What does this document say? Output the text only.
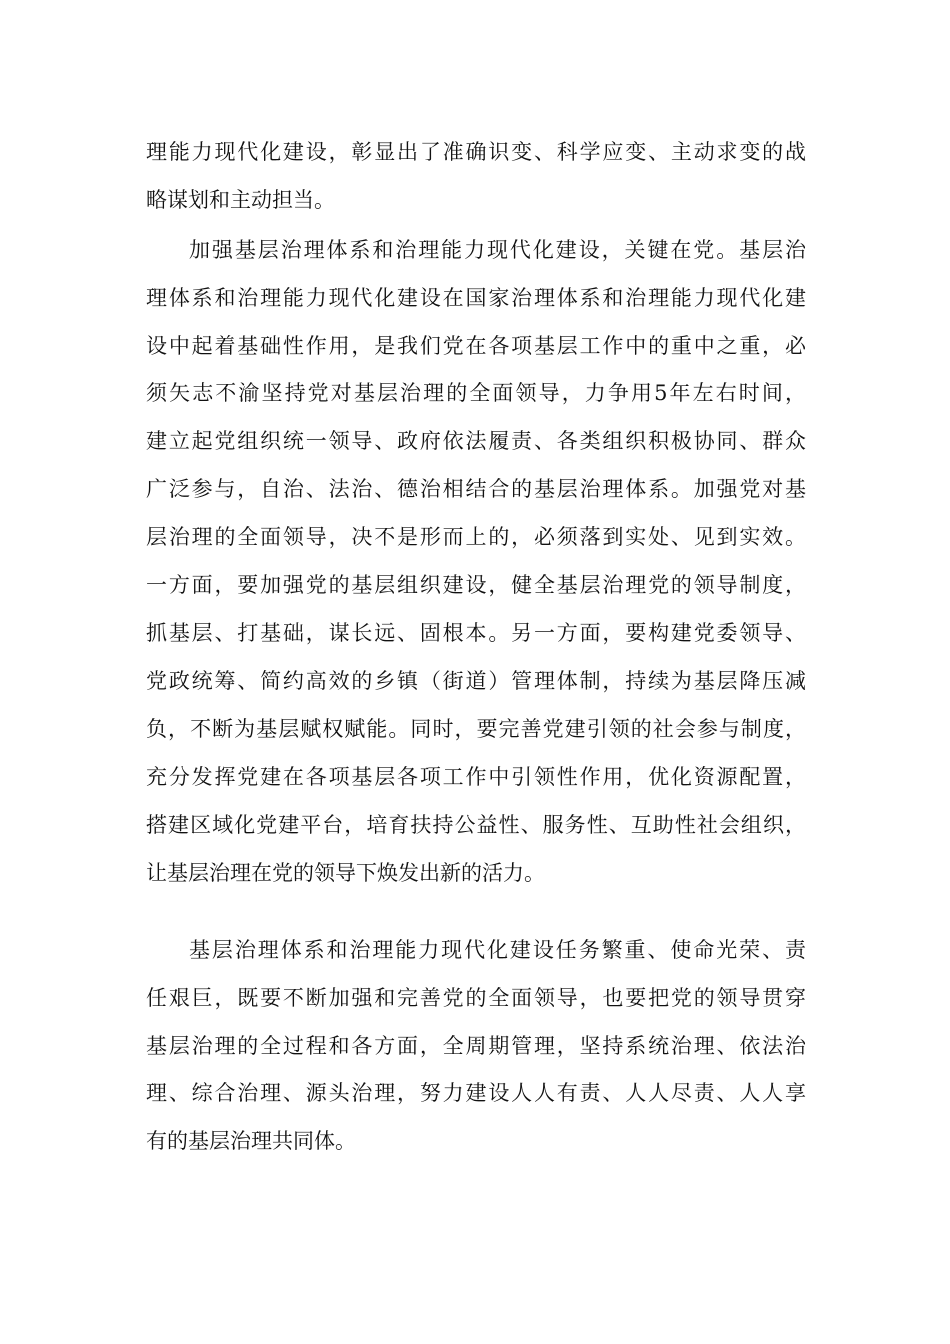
理能力现代化建设，彰显出了准确识变、科学应变、主动求变的战
略谋划和主动担当。
加强基层治理体系和治理能力现代化建设，关键在党。基层治
理体系和治理能力现代化建设在国家治理体系和治理能力现代化建
设中起着基础性作用，是我们党在各项基层工作中的重中之重，必
须矢志不渝坚持党对基层治理的全面领导，力争用5年左右时间，
建立起党组织统一领导、政府依法履责、各类组织积极协同、群众
广泛参与，自治、法治、德治相结合的基层治理体系。加强党对基
层治理的全面领导，决不是形而上的，必须落到实处、见到实效。
一方面，要加强党的基层组织建设，健全基层治理党的领导制度，
抓基层、打基础，谋长远、固根本。另一方面，要构建党委领导、
党政统筹、简约高效的乡镇（街道）管理体制，持续为基层降压减
负，不断为基层赋权赋能。同时，要完善党建引领的社会参与制度，
充分发挥党建在各项基层各项工作中引领性作用，优化资源配置，
搭建区域化党建平台，培育扶持公益性、服务性、互助性社会组织，
让基层治理在党的领导下焕发出新的活力。
基层治理体系和治理能力现代化建设任务繁重、使命光荣、责
任艰巨，既要不断加强和完善党的全面领导，也要把党的领导贯穿
基层治理的全过程和各方面，全周期管理，坚持系统治理、依法治
理、综合治理、源头治理，努力建设人人有责、人人尽责、人人享
有的基层治理共同体。
